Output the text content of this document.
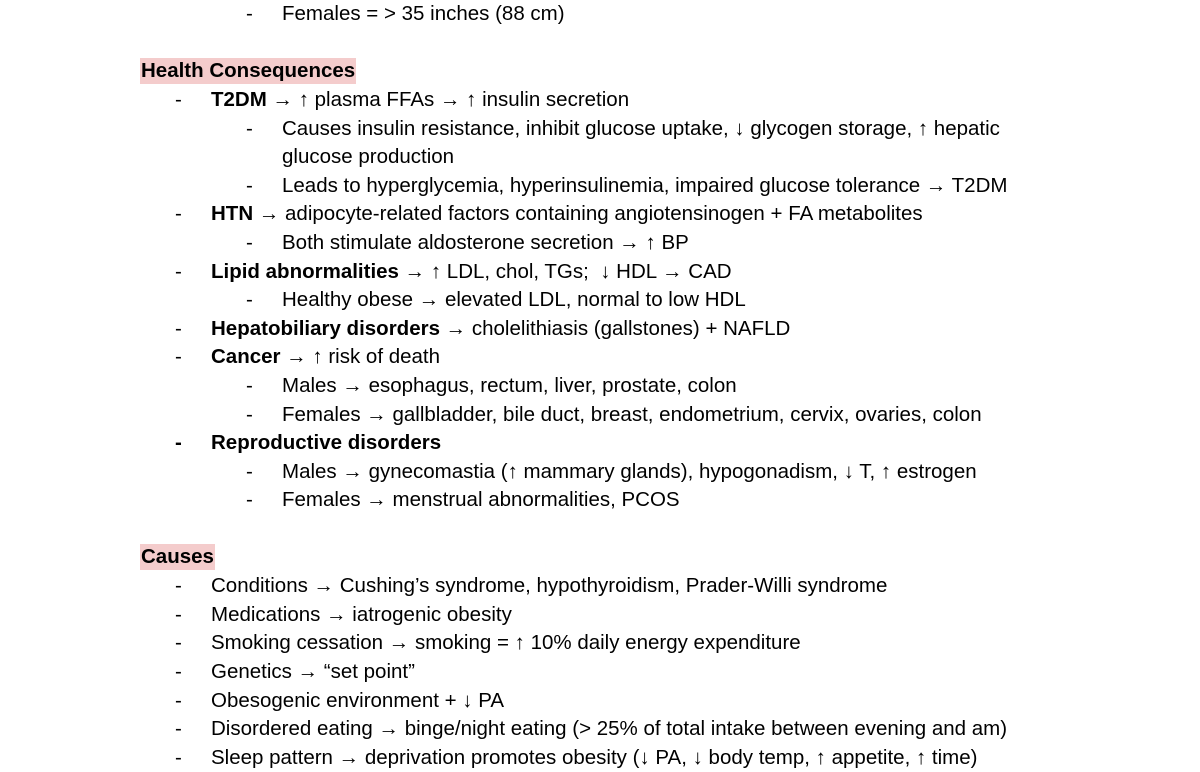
- Females = > 35 inches (88 cm)
Health Consequences
- T2DM → ↑ plasma FFAs → ↑ insulin secretion
- Causes insulin resistance, inhibit glucose uptake, ↓ glycogen storage, ↑ hepatic
glucose production
- Leads to hyperglycemia, hyperinsulinemia, impaired glucose tolerance → T2DM
- HTN → adipocyte-related factors containing angiotensinogen + FA metabolites
- Both stimulate aldosterone secretion → ↑ BP
- Lipid abnormalities → ↑ LDL, chol, TGs;  ↓ HDL → CAD
- Healthy obese → elevated LDL, normal to low HDL
- Hepatobiliary disorders → cholelithiasis (gallstones) + NAFLD
- Cancer → ↑ risk of death
- Males → esophagus, rectum, liver, prostate, colon
- Females → gallbladder, bile duct, breast, endometrium, cervix, ovaries, colon
- Reproductive disorders
- Males → gynecomastia (↑ mammary glands), hypogonadism, ↓ T, ↑ estrogen
- Females → menstrual abnormalities, PCOS
Causes
- Conditions → Cushing’s syndrome, hypothyroidism, Prader-Willi syndrome
- Medications → iatrogenic obesity
- Smoking cessation → smoking = ↑ 10% daily energy expenditure
- Genetics → “set point”
- Obesogenic environment + ↓ PA
- Disordered eating → binge/night eating (> 25% of total intake between evening and am)
- Sleep pattern → deprivation promotes obesity (↓ PA, ↓ body temp, ↑ appetite, ↑ time)
